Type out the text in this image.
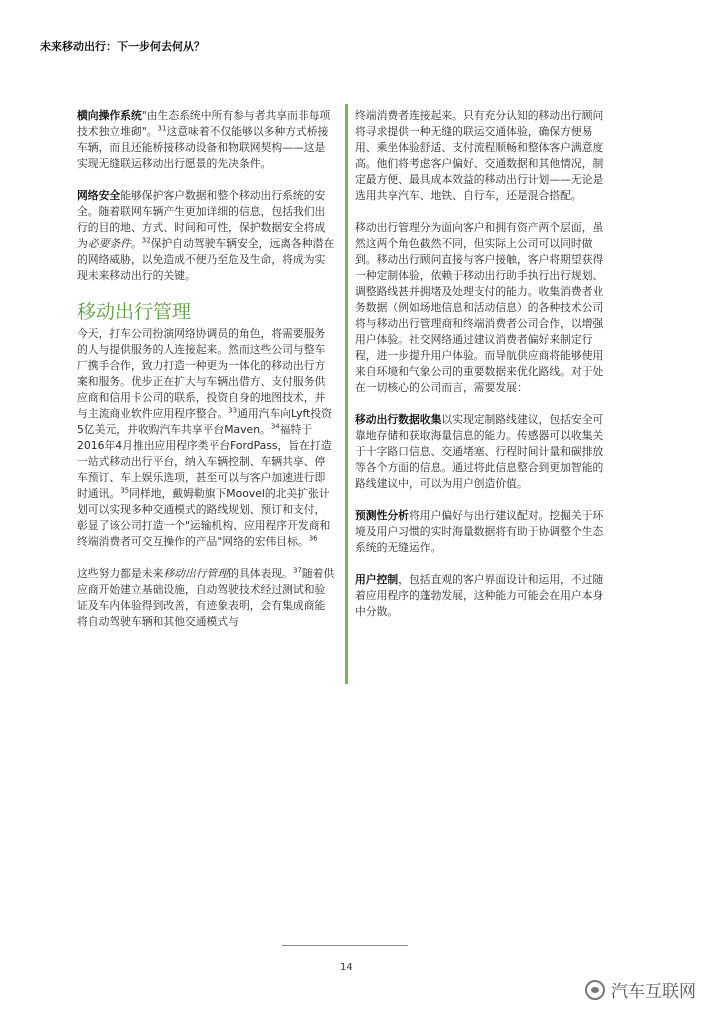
未来移动出行：下一步何去何从？

横向操作系统"由生态系统中所有参与者共享而非每项技术独立堆砌"。$^{31}$这意味着不仅能够以多种方式桥接车辆，而且还能桥接移动设备和物联网契构——这是实现无缝联运移动出行愿景的先决条件。

网络安全能够保护客户数据和整个移动出行系统的安全。随着联网车辆产生更加详细的信息，包括我们出行的目的地、方式、时间和可性，保护数据安全将成为必要条件。$^{32}$保护自动驾驶车辆安全，远离各种潜在的网络威胁，以免造成不便乃至危及生命，将成为实现未来移动出行的关键。

移动出行管理

今天，打车公司扮演网络协调员的角色，将需要服务的人与提供服务的人连接起来。然而这些公司与整车厂携手合作，致力打造一种更为一体化的移动出行方案和服务。优步正在扩大与车辆出借方、支付服务供应商和信用卡公司的联系，投资自身的地图技术，并与主流商业软件应用程序整合。$^{33}$通用汽车向Lyft投资5亿美元，并收购汽车共享平台Maven。$^{34}$福特于2016年4月推出应用程序类平台FordPass，旨在打造一站式移动出行平台，纳入车辆控制、车辆共享、停车预订、车上娱乐选项，甚至可以与客户加速进行即时通讯。$^{35}$同样地，戴姆勒旗下Moovel的北美扩张计划可以实现多种交通模式的路线规划、预订和支付，彰显了该公司打造一个"运输机构、应用程序开发商和终端消费者可交互操作的产品"网络的宏伟目标。$^{36}$

这些努力都是未来移动出行管理的具体表现。$^{37}$随着供应商开始建立基础设施，自动驾驶技术经过测试和验证及车内体验得到改善，有迹象表明，会有集成商能将自动驾驶车辆和其他交通模式与

终端消费者连接起来。只有充分认知的移动出行顾问将寻求提供一种无缝的联运交通体验，确保方便易用、乘坐体验舒适、支付流程顺畅和整体客户满意度高。他们将考虑客户偏好、交通数据和其他情况，制定最方便、最具成本效益的移动出行计划——无论是选用共享汽车、地铁、自行车，还是混合搭配。

移动出行管理分为面向客户和拥有资产两个层面，虽然这两个角色截然不同，但实际上公司可以同时做到。移动出行顾问直接与客户接触，客户将期望获得一种定制体验，依赖于移动出行助手执行出行规划、调整路线甚并拥堵及处理支付的能力。收集消费者业务数据（例如场地信息和活动信息）的各种技术公司将与移动出行管理商和终端消费者公司合作，以增强用户体验。社交网络通过建议消费者偏好来制定行程，进一步提升用户体验。而导航供应商将能够使用来自环境和气象公司的重要数据来优化路线。对于处在一切核心的公司而言，需要发展：

移动出行数据收集以实现定制路线建议，包括安全可靠地存储和获取海量信息的能力。传感器可以收集关于十字路口信息、交通堵塞、行程时间计量和碳排放等各个方面的信息。通过将此信息整合到更加智能的路线建议中，可以为用户创造价值。

预测性分析将用户偏好与出行建议配对。挖掘关于环境及用户习惯的实时海量数据将有助于协调整个生态系统的无缝运作。

用户控制，包括直观的客户界面设计和运用，不过随着应用程序的蓬勃发展，这种能力可能会在用户本身中分散。

14
汽车互联网
